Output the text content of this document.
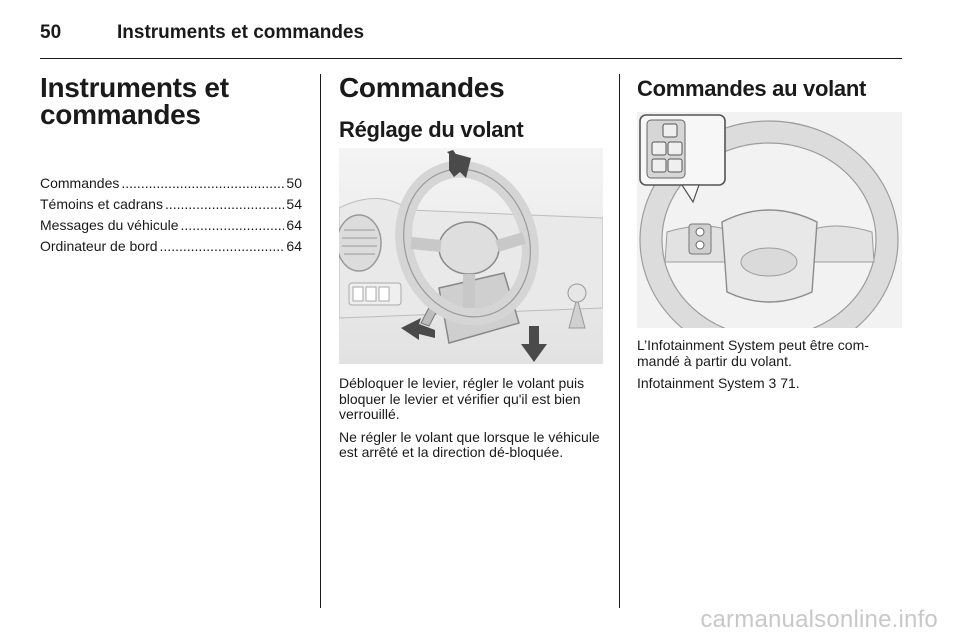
50	Instruments et commandes
Instruments et
commandes
Commandes .....	50
Témoins et cadrans .....	54
Messages du véhicule .....	64
Ordinateur de bord .....	64
Commandes
Réglage du volant

Débloquer le levier, régler le volant puis bloquer le levier et vérifier qu'il est bien verrouillé.

Ne régler le volant que lorsque le véhicule est arrêté et la direction dé-bloquée.

Commandes au volant

L’Infotainment System peut être com-mandé à partir du volant.

Infotainment System 3 71.

carmanualsonline.info
